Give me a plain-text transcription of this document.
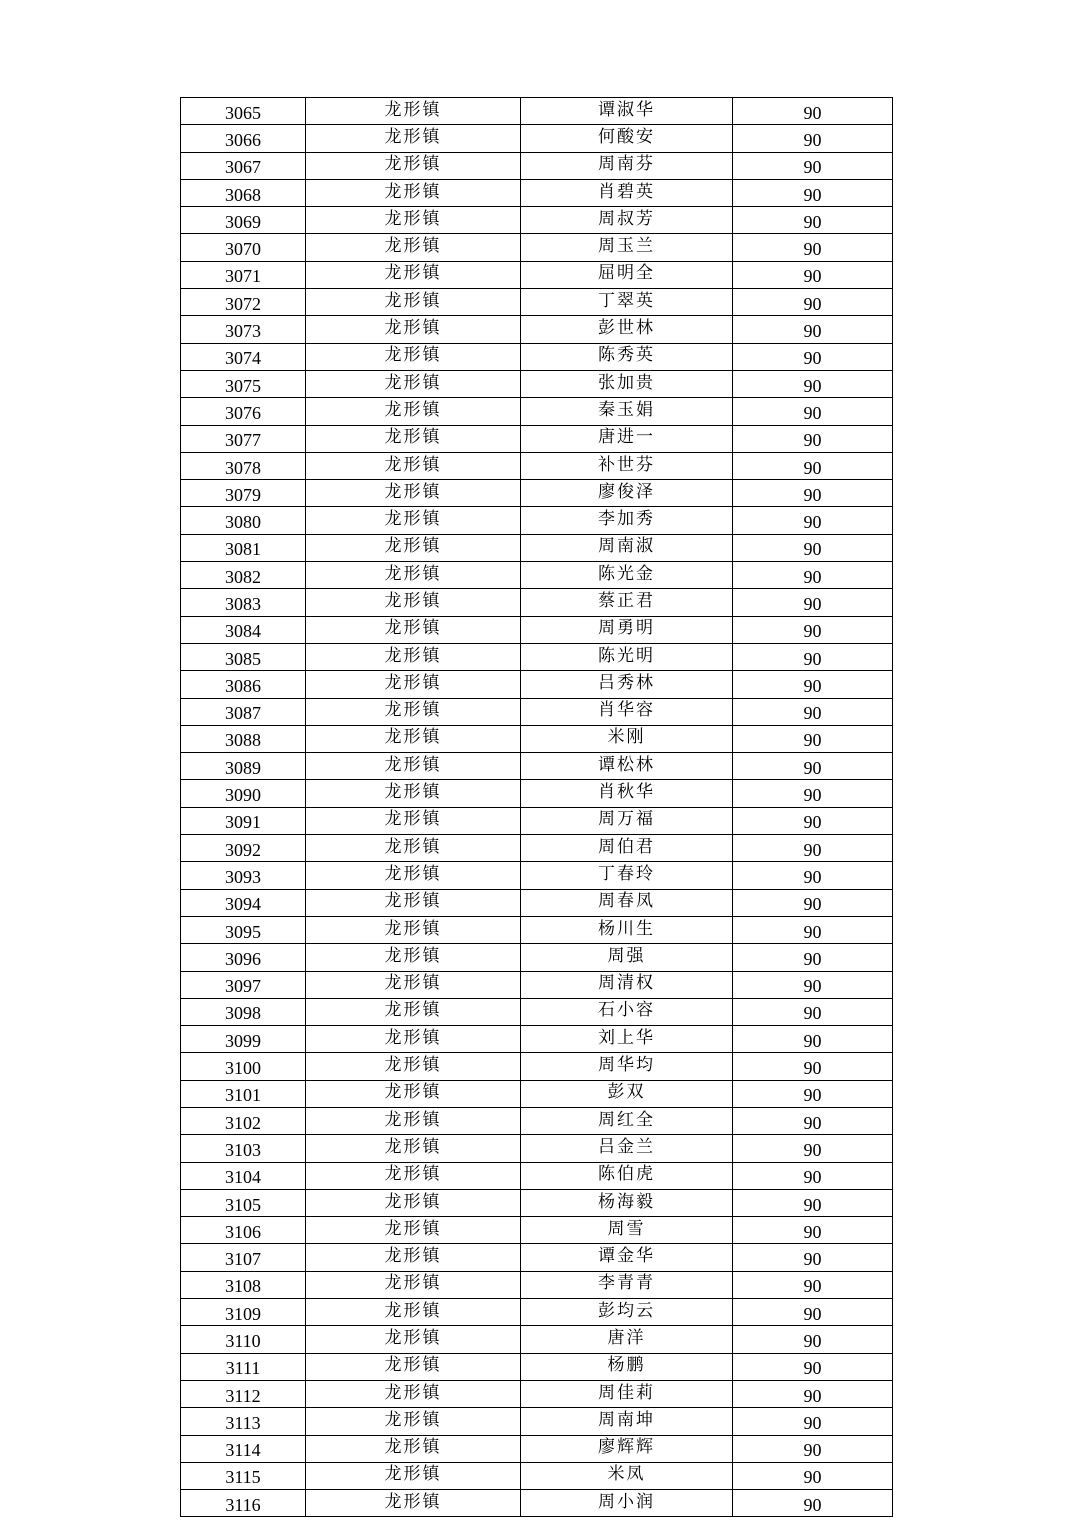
3065	龙形镇	谭淑华	90
3066	龙形镇	何酸安	90
3067	龙形镇	周南芬	90
3068	龙形镇	肖碧英	90
3069	龙形镇	周叔芳	90
3070	龙形镇	周玉兰	90
3071	龙形镇	屈明全	90
3072	龙形镇	丁翠英	90
3073	龙形镇	彭世林	90
3074	龙形镇	陈秀英	90
3075	龙形镇	张加贵	90
3076	龙形镇	秦玉娟	90
3077	龙形镇	唐进一	90
3078	龙形镇	补世芬	90
3079	龙形镇	廖俊泽	90
3080	龙形镇	李加秀	90
3081	龙形镇	周南淑	90
3082	龙形镇	陈光金	90
3083	龙形镇	蔡正君	90
3084	龙形镇	周勇明	90
3085	龙形镇	陈光明	90
3086	龙形镇	吕秀林	90
3087	龙形镇	肖华容	90
3088	龙形镇	米刚	90
3089	龙形镇	谭松林	90
3090	龙形镇	肖秋华	90
3091	龙形镇	周万福	90
3092	龙形镇	周伯君	90
3093	龙形镇	丁春玲	90
3094	龙形镇	周春凤	90
3095	龙形镇	杨川生	90
3096	龙形镇	周强	90
3097	龙形镇	周清权	90
3098	龙形镇	石小容	90
3099	龙形镇	刘上华	90
3100	龙形镇	周华均	90
3101	龙形镇	彭双	90
3102	龙形镇	周红全	90
3103	龙形镇	吕金兰	90
3104	龙形镇	陈伯虎	90
3105	龙形镇	杨海毅	90
3106	龙形镇	周雪	90
3107	龙形镇	谭金华	90
3108	龙形镇	李青青	90
3109	龙形镇	彭均云	90
3110	龙形镇	唐洋	90
3111	龙形镇	杨鹏	90
3112	龙形镇	周佳莉	90
3113	龙形镇	周南坤	90
3114	龙形镇	廖辉辉	90
3115	龙形镇	米凤	90
3116	龙形镇	周小润	90
